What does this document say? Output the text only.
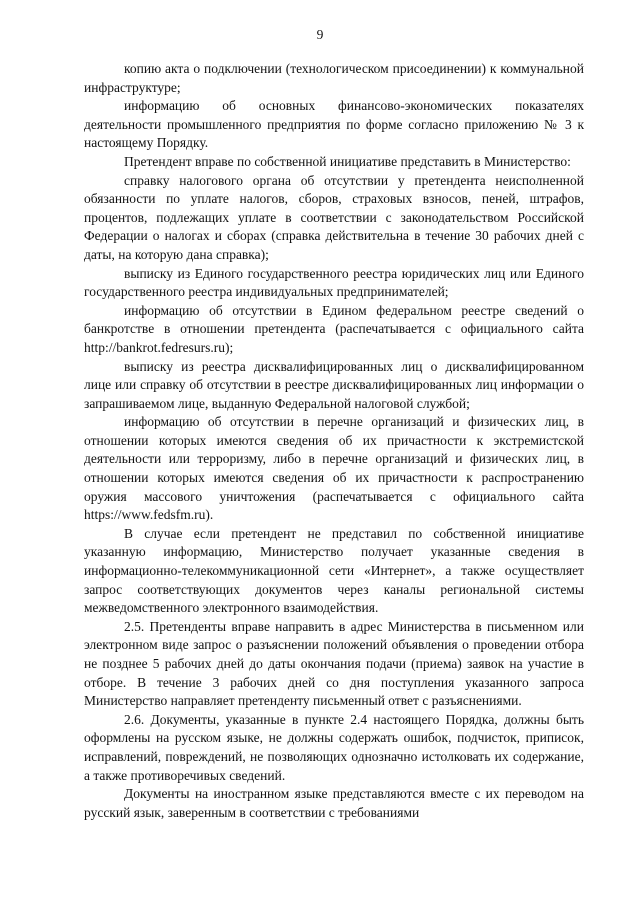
9

копию акта о подключении (технологическом присоединении) к коммунальной инфраструктуре;

информацию об основных финансово-экономических показателях деятельности промышленного предприятия по форме согласно приложению № 3 к настоящему Порядку.

Претендент вправе по собственной инициативе представить в Министерство:

справку налогового органа об отсутствии у претендента неисполненной обязанности по уплате налогов, сборов, страховых взносов, пеней, штрафов, процентов, подлежащих уплате в соответствии с законодательством Российской Федерации о налогах и сборах (справка действительна в течение 30 рабочих дней с даты, на которую дана справка);

выписку из Единого государственного реестра юридических лиц или Единого государственного реестра индивидуальных предпринимателей;

информацию об отсутствии в Едином федеральном реестре сведений о банкротстве в отношении претендента (распечатывается с официального сайта http://bankrot.fedresurs.ru);

выписку из реестра дисквалифицированных лиц о дисквалифицированном лице или справку об отсутствии в реестре дисквалифицированных лиц информации о запрашиваемом лице, выданную Федеральной налоговой службой;

информацию об отсутствии в перечне организаций и физических лиц, в отношении которых имеются сведения об их причастности к экстремистской деятельности или терроризму, либо в перечне организаций и физических лиц, в отношении которых имеются сведения об их причастности к распространению оружия массового уничтожения (распечатывается с официального сайта https://www.fedsfm.ru).

В случае если претендент не представил по собственной инициативе указанную информацию, Министерство получает указанные сведения в информационно-телекоммуникационной сети «Интернет», а также осуществляет запрос соответствующих документов через каналы региональной системы межведомственного электронного взаимодействия.

2.5. Претенденты вправе направить в адрес Министерства в письменном или электронном виде запрос о разъяснении положений объявления о проведении отбора не позднее 5 рабочих дней до даты окончания подачи (приема) заявок на участие в отборе. В течение 3 рабочих дней со дня поступления указанного запроса Министерство направляет претенденту письменный ответ с разъяснениями.

2.6. Документы, указанные в пункте 2.4 настоящего Порядка, должны быть оформлены на русском языке, не должны содержать ошибок, подчисток, приписок, исправлений, повреждений, не позволяющих однозначно истолковать их содержание, а также противоречивых сведений.

Документы на иностранном языке представляются вместе с их переводом на русский язык, заверенным в соответствии с требованиями
